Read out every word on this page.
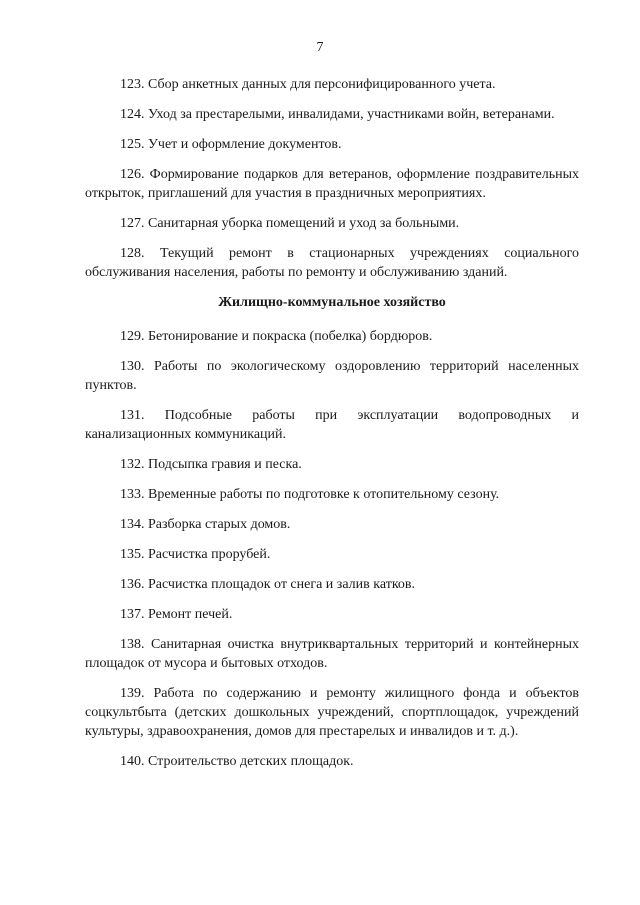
7

123. Сбор анкетных данных для персонифицированного учета.

124. Уход за престарелыми, инвалидами, участниками войн, ветеранами.

125. Учет и оформление документов.

126. Формирование подарков для ветеранов, оформление поздравительных открыток, приглашений для участия в праздничных мероприятиях.

127. Санитарная уборка помещений и уход за больными.

128. Текущий ремонт в стационарных учреждениях социального обслуживания населения, работы по ремонту и обслуживанию зданий.

Жилищно-коммунальное хозяйство

129. Бетонирование и покраска (побелка) бордюров.

130. Работы по экологическому оздоровлению территорий населенных пунктов.

131. Подсобные работы при эксплуатации водопроводных и канализационных коммуникаций.

132. Подсыпка гравия и песка.

133. Временные работы по подготовке к отопительному сезону.

134. Разборка старых домов.

135. Расчистка прорубей.

136. Расчистка площадок от снега и залив катков.

137. Ремонт печей.

138. Санитарная очистка внутриквартальных территорий и контейнерных площадок от мусора и бытовых отходов.

139. Работа по содержанию и ремонту жилищного фонда и объектов соцкультбыта (детских дошкольных учреждений, спортплощадок, учреждений культуры, здравоохранения, домов для престарелых и инвалидов и т. д.).

140. Строительство детских площадок.
